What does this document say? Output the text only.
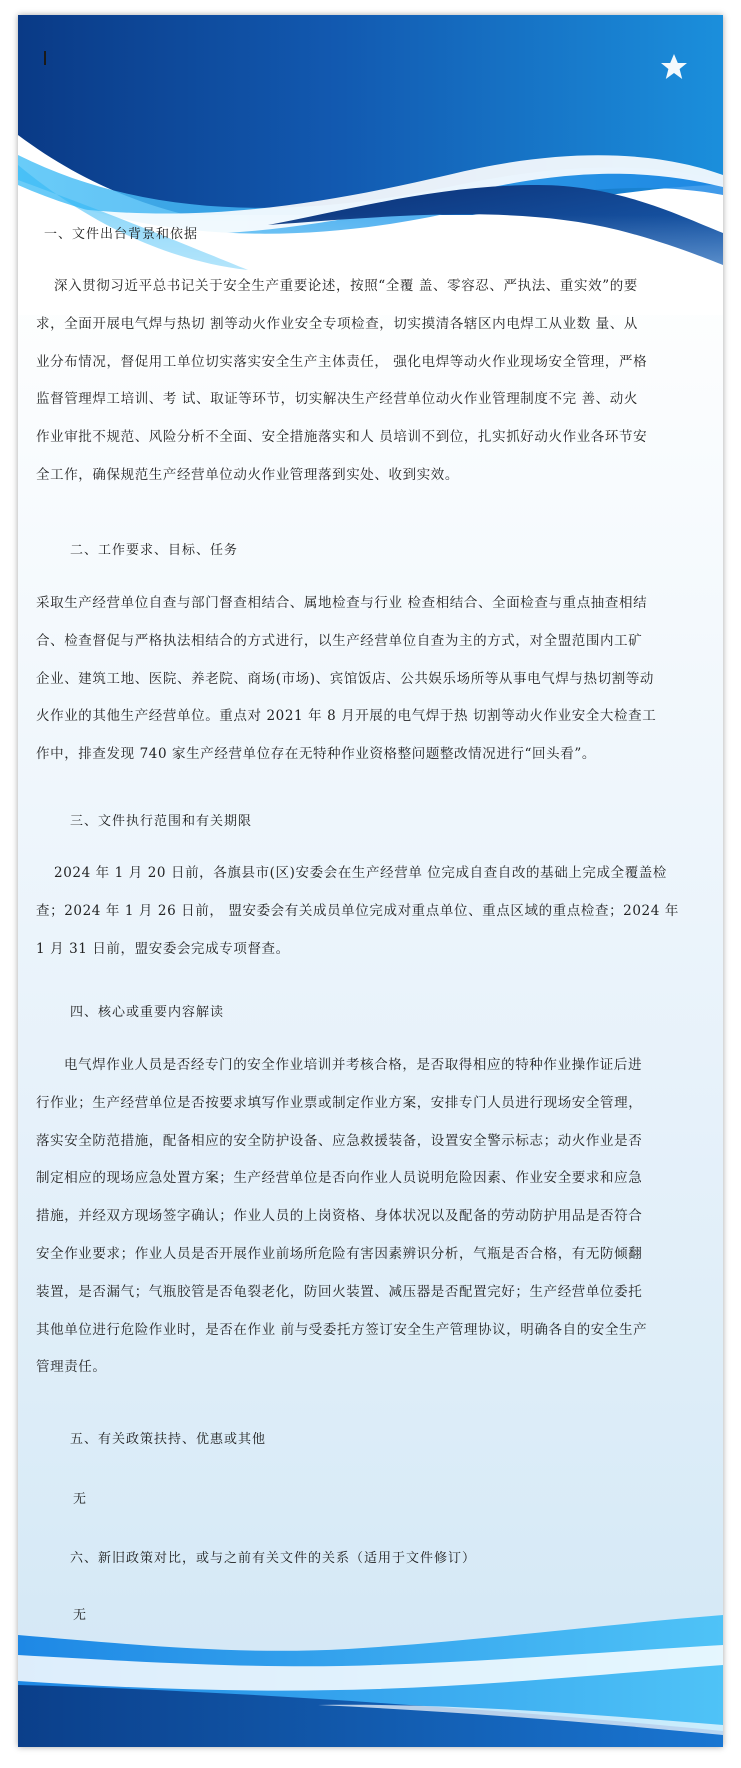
一、文件出台背景和依据
深入贯彻习近平总书记关于安全生产重要论述，按照“全覆 盖、零容忍、严执法、重实效”的要
求，全面开展电气焊与热切 割等动火作业安全专项检查，切实摸清各辖区内电焊工从业数 量、从
业分布情况，督促用工单位切实落实安全生产主体责任， 强化电焊等动火作业现场安全管理，严格
监督管理焊工培训、考 试、取证等环节，切实解决生产经营单位动火作业管理制度不完 善、动火
作业审批不规范、风险分析不全面、安全措施落实和人 员培训不到位，扎实抓好动火作业各环节安
全工作，确保规范生产经营单位动火作业管理落到实处、收到实效。
二、工作要求、目标、任务
采取生产经营单位自查与部门督查相结合、属地检查与行业 检查相结合、全面检查与重点抽查相结
合、检查督促与严格执法相结合的方式进行，以生产经营单位自查为主的方式，对全盟范围内工矿
企业、建筑工地、医院、养老院、商场(市场)、宾馆饭店、公共娱乐场所等从事电气焊与热切割等动
火作业的其他生产经营单位。重点对 2021 年 8 月开展的电气焊于热 切割等动火作业安全大检查工
作中，排查发现 740 家生产经营单位存在无特种作业资格整问题整改情况进行“回头看”。
三、文件执行范围和有关期限
2024 年 1 月 20 日前，各旗县市(区)安委会在生产经营单 位完成自查自改的基础上完成全覆盖检
查；2024 年 1 月 26 日前， 盟安委会有关成员单位完成对重点单位、重点区域的重点检查；2024 年
1 月 31 日前，盟安委会完成专项督查。
四、核心或重要内容解读
电气焊作业人员是否经专门的安全作业培训并考核合格，是否取得相应的特种作业操作证后进
行作业；生产经营单位是否按要求填写作业票或制定作业方案，安排专门人员进行现场安全管理，
落实安全防范措施，配备相应的安全防护设备、应急救援装备，设置安全警示标志；动火作业是否
制定相应的现场应急处置方案；生产经营单位是否向作业人员说明危险因素、作业安全要求和应急
措施，并经双方现场签字确认；作业人员的上岗资格、身体状况以及配备的劳动防护用品是否符合
安全作业要求；作业人员是否开展作业前场所危险有害因素辨识分析，气瓶是否合格，有无防倾翻
装置，是否漏气；气瓶胶管是否龟裂老化，防回火装置、减压器是否配置完好；生产经营单位委托
其他单位进行危险作业时，是否在作业 前与受委托方签订安全生产管理协议，明确各自的安全生产
管理责任。
五、有关政策扶持、优惠或其他
无
六、新旧政策对比，或与之前有关文件的关系（适用于文件修订）
无
